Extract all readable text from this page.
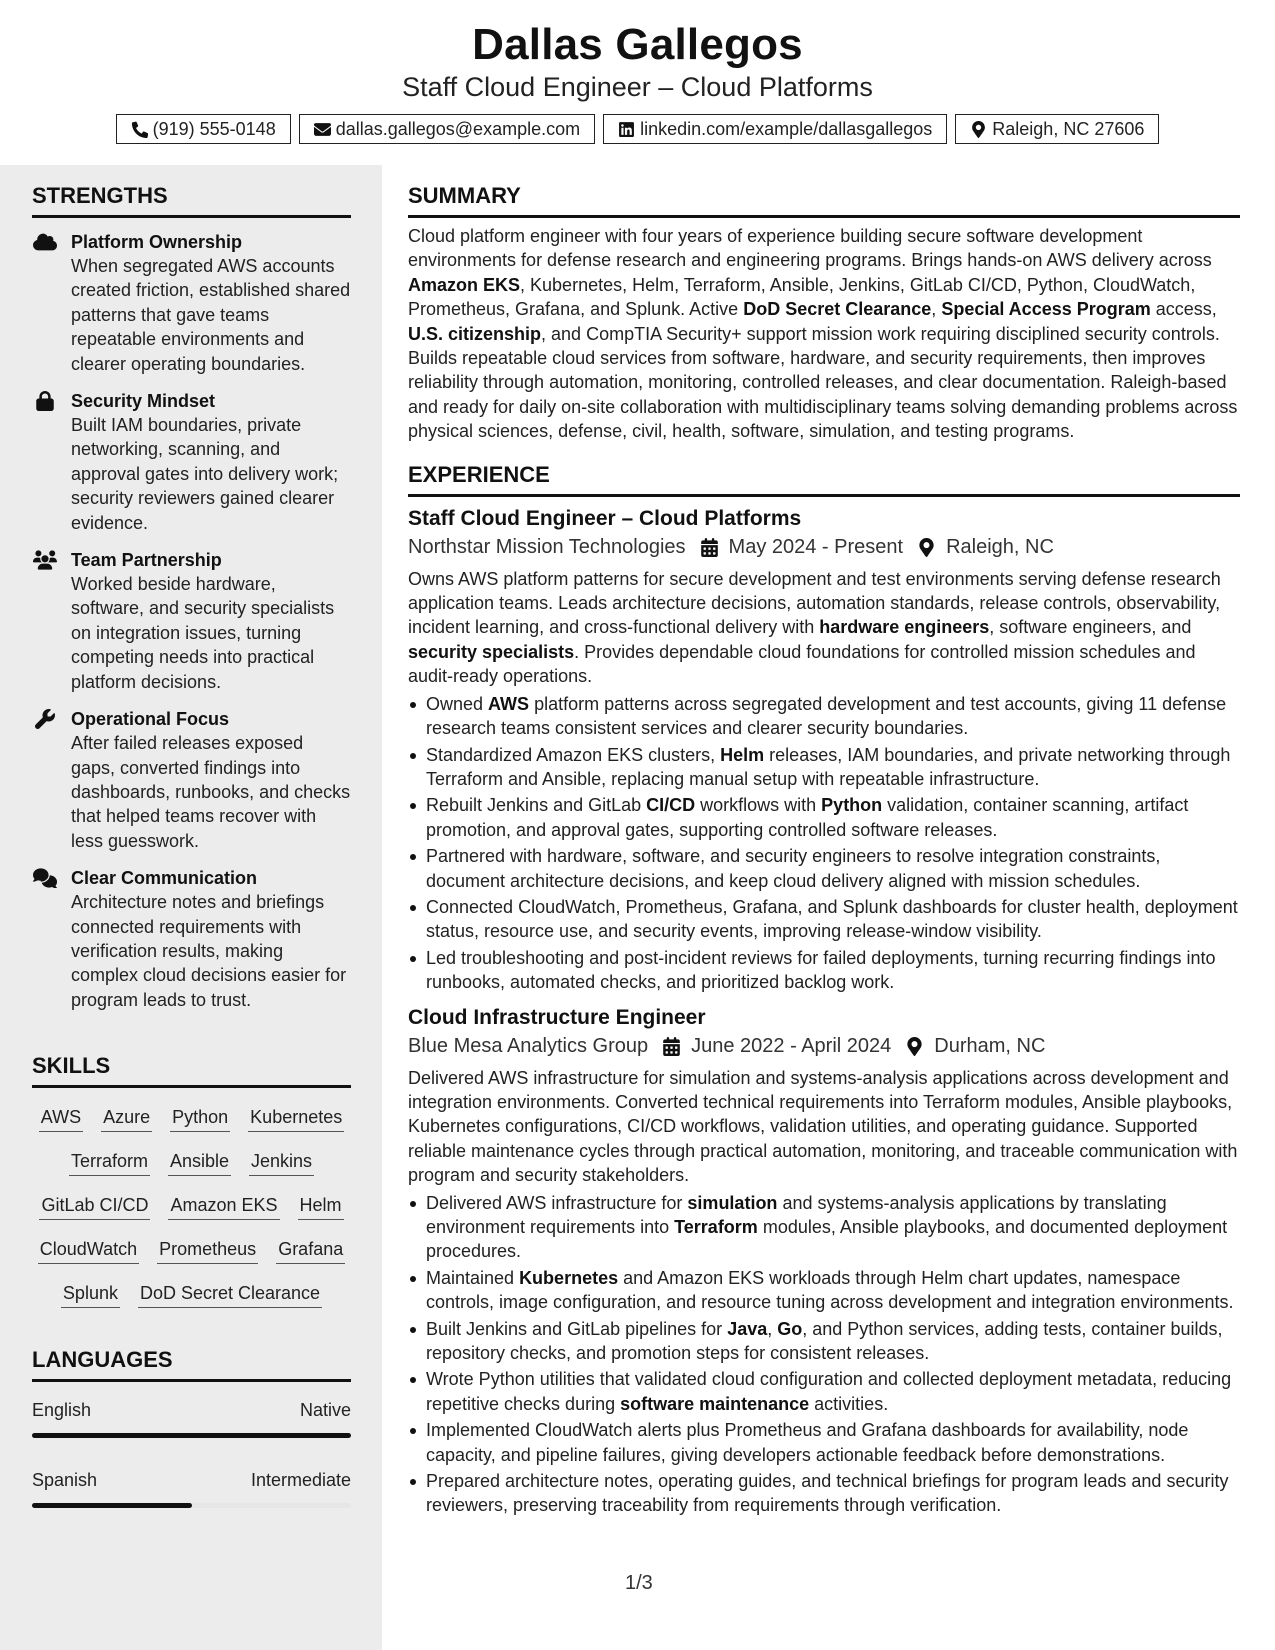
Dallas Gallegos
Staff Cloud Engineer – Cloud Platforms
(919) 555-0148	dallas.gallegos@example.com	linkedin.com/example/dallasgallegos	Raleigh, NC 27606
STRENGTHS
Platform Ownership
When segregated AWS accounts created friction, established shared patterns that gave teams repeatable environments and clearer operating boundaries.
Security Mindset
Built IAM boundaries, private networking, scanning, and approval gates into delivery work; security reviewers gained clearer evidence.
Team Partnership
Worked beside hardware, software, and security specialists on integration issues, turning competing needs into practical platform decisions.
Operational Focus
After failed releases exposed gaps, converted findings into dashboards, runbooks, and checks that helped teams recover with less guesswork.
Clear Communication
Architecture notes and briefings connected requirements with verification results, making complex cloud decisions easier for program leads to trust.
SKILLS
AWS Azure Python Kubernetes
Terraform Ansible Jenkins
GitLab CI/CD Amazon EKS Helm
CloudWatch Prometheus Grafana
Splunk DoD Secret Clearance
LANGUAGES
English	Native
Spanish	Intermediate
SUMMARY
Cloud platform engineer with four years of experience building secure software development environments for defense research and engineering programs. Brings hands-on AWS delivery across Amazon EKS, Kubernetes, Helm, Terraform, Ansible, Jenkins, GitLab CI/CD, Python, CloudWatch, Prometheus, Grafana, and Splunk. Active DoD Secret Clearance, Special Access Program access, U.S. citizenship, and CompTIA Security+ support mission work requiring disciplined security controls. Builds repeatable cloud services from software, hardware, and security requirements, then improves reliability through automation, monitoring, controlled releases, and clear documentation. Raleigh-based and ready for daily on-site collaboration with multidisciplinary teams solving demanding problems across physical sciences, defense, civil, health, software, simulation, and testing programs.
EXPERIENCE
Staff Cloud Engineer – Cloud Platforms
Northstar Mission Technologies May 2024 - Present Raleigh, NC
Owns AWS platform patterns for secure development and test environments serving defense research application teams. Leads architecture decisions, automation standards, release controls, observability, incident learning, and cross-functional delivery with hardware engineers, software engineers, and security specialists. Provides dependable cloud foundations for controlled mission schedules and audit-ready operations.
Owned AWS platform patterns across segregated development and test accounts, giving 11 defense research teams consistent services and clearer security boundaries.
Standardized Amazon EKS clusters, Helm releases, IAM boundaries, and private networking through Terraform and Ansible, replacing manual setup with repeatable infrastructure.
Rebuilt Jenkins and GitLab CI/CD workflows with Python validation, container scanning, artifact promotion, and approval gates, supporting controlled software releases.
Partnered with hardware, software, and security engineers to resolve integration constraints, document architecture decisions, and keep cloud delivery aligned with mission schedules.
Connected CloudWatch, Prometheus, Grafana, and Splunk dashboards for cluster health, deployment status, resource use, and security events, improving release-window visibility.
Led troubleshooting and post-incident reviews for failed deployments, turning recurring findings into runbooks, automated checks, and prioritized backlog work.
Cloud Infrastructure Engineer
Blue Mesa Analytics Group June 2022 - April 2024 Durham, NC
Delivered AWS infrastructure for simulation and systems-analysis applications across development and integration environments. Converted technical requirements into Terraform modules, Ansible playbooks, Kubernetes configurations, CI/CD workflows, validation utilities, and operating guidance. Supported reliable maintenance cycles through practical automation, monitoring, and traceable communication with program and security stakeholders.
Delivered AWS infrastructure for simulation and systems-analysis applications by translating environment requirements into Terraform modules, Ansible playbooks, and documented deployment procedures.
Maintained Kubernetes and Amazon EKS workloads through Helm chart updates, namespace controls, image configuration, and resource tuning across development and integration environments.
Built Jenkins and GitLab pipelines for Java, Go, and Python services, adding tests, container builds, repository checks, and promotion steps for consistent releases.
Wrote Python utilities that validated cloud configuration and collected deployment metadata, reducing repetitive checks during software maintenance activities.
Implemented CloudWatch alerts plus Prometheus and Grafana dashboards for availability, node capacity, and pipeline failures, giving developers actionable feedback before demonstrations.
Prepared architecture notes, operating guides, and technical briefings for program leads and security reviewers, preserving traceability from requirements through verification.
1/3
